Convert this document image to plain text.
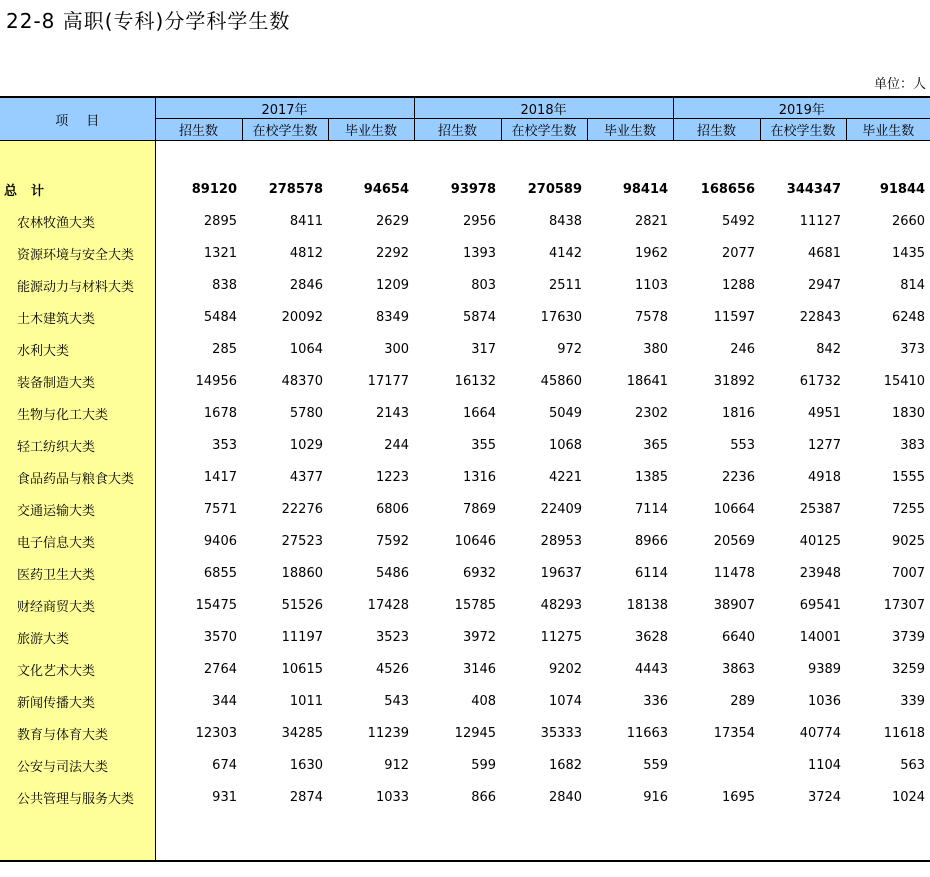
22-8 高职(专科)分学科学生数
单位：人
项目	2017年			2018年			2019年		
	招生数	在校学生数	毕业生数	招生数	在校学生数	毕业生数	招生数	在校学生数	毕业生数

总计	89120	278578	94654	93978	270589	98414	168656	344347	91844
农林牧渔大类	2895	8411	2629	2956	8438	2821	5492	11127	2660
资源环境与安全大类	1321	4812	2292	1393	4142	1962	2077	4681	1435
能源动力与材料大类	838	2846	1209	803	2511	1103	1288	2947	814
土木建筑大类	5484	20092	8349	5874	17630	7578	11597	22843	6248
水利大类	285	1064	300	317	972	380	246	842	373
装备制造大类	14956	48370	17177	16132	45860	18641	31892	61732	15410
生物与化工大类	1678	5780	2143	1664	5049	2302	1816	4951	1830
轻工纺织大类	353	1029	244	355	1068	365	553	1277	383
食品药品与粮食大类	1417	4377	1223	1316	4221	1385	2236	4918	1555
交通运输大类	7571	22276	6806	7869	22409	7114	10664	25387	7255
电子信息大类	9406	27523	7592	10646	28953	8966	20569	40125	9025
医药卫生大类	6855	18860	5486	6932	19637	6114	11478	23948	7007
财经商贸大类	15475	51526	17428	15785	48293	18138	38907	69541	17307
旅游大类	3570	11197	3523	3972	11275	3628	6640	14001	3739
文化艺术大类	2764	10615	4526	3146	9202	4443	3863	9389	3259
新闻传播大类	344	1011	543	408	1074	336	289	1036	339
教育与体育大类	12303	34285	11239	12945	35333	11663	17354	40774	11618
公安与司法大类	674	1630	912	599	1682	559		1104	563
公共管理与服务大类	931	2874	1033	866	2840	916	1695	3724	1024
